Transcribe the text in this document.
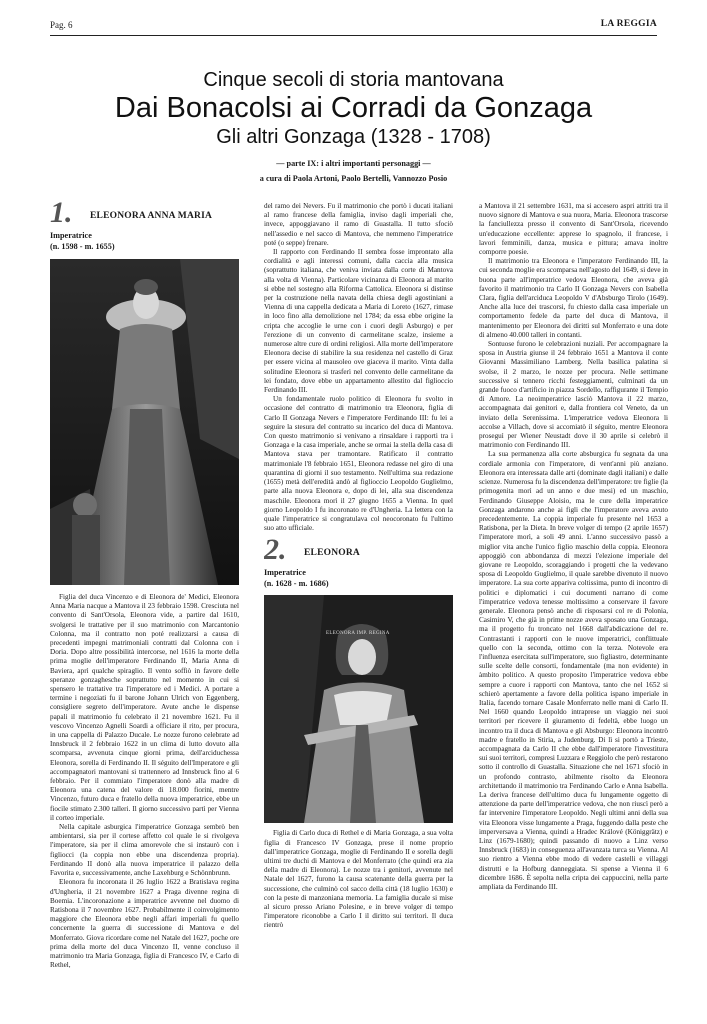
Pag. 6	LA REGGIA
Cinque secoli di storia mantovana
Dai Bonacolsi ai Corradi da Gonzaga
Gli altri Gonzaga (1328 - 1708)
— parte IX: i altri importanti personaggi —
a cura di Paola Artoni, Paolo Bertelli, Vannozzo Posio
1. ELEONORA ANNA MARIA
Imperatrice
(n. 1598 - m. 1655)

Figlia del duca Vincenzo e di Eleonora de' Medici, Eleonora Anna Maria nacque a Mantova il 23 febbraio 1598. Cresciuta nel convento di Sant'Orsola, Eleonora vide, a partire dal 1610, svolgersi le trattative per il suo matrimonio con Marcantonio Colonna, ma il contratto non poté realizzarsi a causa di precedenti impegni matrimoniali contratti dal Colonna con i Doria. Dopo altre possibilità intercorse, nel 1616 la morte della prima moglie dell'imperatore Ferdinando II, Maria Anna di Baviera, aprì qualche spiraglio. Il vento soffiò in favore delle speranze gonzaghesche soprattutto nel momento in cui si spensero le trattative tra l'imperatore ed i Medici. A portare a termine i negoziati fu il barone Johann Ulrich von Eggenberg, consigliere segreto dell'imperatore. Avute anche le dispense papali il matrimonio fu celebrato il 21 novembre 1621. Fu il vescovo Vincenzo Agnelli Soardi a officiare il rito, per procura, in una cappella di Palazzo Ducale. Le nozze furono celebrate ad Innsbruck il 2 febbraio 1622 in un clima di lutto dovuto alla scomparsa, avvenuta cinque giorni prima, dell'arciduchessa Eleonora, sorella di Ferdinando II. Il séguito dell'Imperatore e gli accompagnatori mantovani si trattennero ad Innsbruck fino al 6 febbraio. Per il commiato l'imperatore donò alla madre di Eleonora una catena del valore di 18.000 fiorini, mentre Vincenzo, futuro duca e fratello della nuova imperatrice, ebbe un fiocile stimato 2.300 talleri. Il giorno successivo partì per Vienna il corteo imperiale.

Nella capitale asburgica l'imperatrice Gonzaga sembrò ben ambientarsi, sia per il cortese affetto col quale le si rivolgeva l'imperatore, sia per il clima amorevole che si instaurò con i figliocci (la coppia non ebbe una discendenza propria). Ferdinando II donò alla nuova imperatrice il palazzo della Favorita e, successivamente, anche Laxehburg e Schönnbrunn.

Eleonora fu incoronata il 26 luglio 1622 a Bratislava regina d'Ungheria, il 21 novembre 1627 a Praga divenne regina di Boemia. L'incoronazione a imperatrice avvenne nel duomo di Ratisbona il 7 novembre 1627. Probabilmente il coinvolgimento maggiore che Eleonora ebbe negli affari imperiali fu quello concernente la guerra di successione di Mantova e del Monferrato. Giova ricordare come nel Natale del 1627, poche ore prima della morte del duca Vincenzo II, venne concluso il matrimonio tra Maria Gonzaga, figlia di Francesco IV, e Carlo di Rethel,

del ramo dei Nevers. Fu il matrimonio che portò i ducati italiani al ramo francese della famiglia, inviso dagli imperiali che, invece, appoggiavano il ramo di Guastalla. Il tutto sfociò nell'assedio e nel sacco di Mantova, che nemmeno l'imperatrice poté (o seppe) frenare.

Il rapporto con Ferdinando II sembra fosse improntato alla cordialità e agli interessi comuni, dalla caccia alla musica (soprattutto italiana, che veniva inviata dalla corte di Mantova alla volta di Vienna). Particolare vicinanza di Eleonora al marito si ebbe nel sostegno alla Riforma Cattolica. Eleonora si distinse per la costruzione nella navata della chiesa degli agostiniani a Vienna di una cappella dedicata a Maria di Loreto (1627, rimase in loco fino alla demolizione nel 1784; da essa ebbe origine la cripta che accoglie le urne con i cuori degli Asburgo) e per l'erezione di un convento di carmelitane scalze, insieme a numerose altre cure di ordini religiosi. Alla morte dell'imperatore Eleonora decise di stabilire la sua residenza nel castello di Graz per essere vicina al mausoleo ove giaceva il marito. Vinta dalla solitudine Eleonora si trasferì nel convento delle carmelitane da lei fondato, dove ebbe un appartamento allestito dal figlioccio Ferdinando III.

Un fondamentale ruolo politico di Eleonora fu svolto in occasione del contratto di matrimonio tra Eleonora, figlia di Carlo II Gonzaga Nevers e l'imperatore Ferdinando III: fu lei a seguire la stesura del contratto su incarico del duca di Mantova. Con questo matrimonio si venivano a rinsaldare i rapporti tra i Gonzaga e la casa imperiale, anche se ormai la stella della casa di Mantova stava per tramontare. Ratificato il contratto matrimoniale l'8 febbraio 1651, Eleonora redasse nel giro di una quarantina di giorni il suo testamento. Nell'ultima sua redazione (1655) metà dell'eredità andò al figlioccio Leopoldo Guglielmo, parte alla nuova Eleonora e, dopo di lei, alla sua discendenza maschile. Eleonora morì il 27 giugno 1655 a Vienna. In quel giorno Leopoldo I fu incoronato re d'Ungheria. La lettera con la quale l'imperatrice si congratulava col neocoronato fu l'ultimo suo atto ufficiale.

2. ELEONORA
Imperatrice
(n. 1628 - m. 1686)
ELEONORA IMP. REGINA

Figlia di Carlo duca di Rethel e di Maria Gonzaga, a sua volta figlia di Francesco IV Gonzaga, prese il nome proprio dall'imperatrice Gonzaga, moglie di Ferdinando II e sorella degli ultimi tre duchi di Mantova e del Monferrato (che quindi era zia della madre di Eleonora). Le nozze tra i genitori, avvenute nel Natale del 1627, furono la causa scatenante della guerra per la successione, che culminò col sacco della città (18 luglio 1630) e con la peste di manzoniana memoria. La famiglia ducale si mise al sicuro presso Ariano Polesine, e in breve volger di tempo l'imperatore riconobbe a Carlo I il diritto sui territori. Il duca rientrò

a Mantova il 21 settembre 1631, ma si accesero aspri attriti tra il nuovo signore di Mantova e sua nuora, Maria. Eleonora trascorse la fanciullezza presso il convento di Sant'Orsola, ricevendo un'educazione eccellente: apprese lo spagnolo, il francese, i lavori femminili, danza, musica e pittura; amava inoltre comporre poesie.

Il matrimonio tra Eleonora e l'imperatore Ferdinando III, la cui seconda moglie era scomparsa nell'agosto del 1649, si deve in buona parte all'imperatrice vedova Eleonora, che aveva già favorito il matrimonio tra Carlo II Gonzaga Nevers con Isabella Clara, figlia dell'arciduca Leopoldo V d'Absburgo Tirolo (1649). Anche alla luce dei trascorsi, fu chiesto dalla casa imperiale un comportamento fedele da parte del duca di Mantova, il mantenimento per Eleonora dei diritti sul Monferrato e una dote di almeno 40.000 talleri in contanti.

Sontuose furono le celebrazioni nuziali. Per accompagnare la sposa in Austria giunse il 24 febbraio 1651 a Mantova il conte Giovanni Massimiliano Lamberg. Nella basilica palatina si svolse, il 2 marzo, le nozze per procura. Nelle settimane successive si tennero ricchi festeggiamenti, culminati da un grande fuoco d'artificio in piazza Sordello, raffigurante il Tempio di Amore. La neoimperatrice lasciò Mantova il 22 marzo, accompagnata dai genitori e, dalla frontiera col Veneto, da un inviato della Serenissima. L'imperatrice vedova Eleonora li accolse a Villach, dove si accomiatò il séguito, mentre Eleonora proseguì per Wiener Neustadt dove il 30 aprile si celebrò il matrimonio con Ferdinando III.

La sua permanenza alla corte absburgica fu segnata da una cordiale armonia con l'imperatore, di vent'anni più anziano. Eleonora era interessata dalle arti (dominate dagli italiani) e dalle scienze. Numerosa fu la discendenza dell'imperatore: tre figlie (la primogenita morì ad un anno e due mesi) ed un maschio, Ferdinando Giuseppe Aloisio, ma le cure della imperatrice Gonzaga andarono anche ai figli che l'imperatore aveva avuto precedentemente. La coppia imperiale fu presente nel 1653 a Ratisbona, per la Dieta. In breve volger di tempo (2 aprile 1657) l'imperatore morì, a soli 49 anni. L'anno successivo passò a miglior vita anche l'unico figlio maschio della coppia. Eleonora appoggiò con abbondanza di mezzi l'elezione imperiale del giovane re Leopoldo, scoraggiando i progetti che la vedevano sposa di Leopoldo Guglielmo, il quale sarebbe divenuto il nuovo imperatore. La sua corte appariva coltissima, punto di incontro di politici e diplomatici i cui documenti narrano di come l'imperatrice vedova tenesse moltissimo a conservare il favore generale. Eleonora pensò anche di risposarsi col re di Polonia, Casimiro V, che già in prime nozze aveva sposato una Gonzaga, ma il progetto fu troncato nel 1668 dall'abdicazione del re. Contrastanti i rapporti con le nuove imperatrici, conflittuale quello con la seconda, ottimo con la terza. Notevole era l'influenza esercitata sull'imperatore, suo figliastro, determinante sulle scelte delle consorti, fondamentale (ma non evidente) in àmbito politico. A questo proposito l'imperatrice vedova ebbe sempre a cuore i rapporti con Mantova, tanto che nel 1652 si schierò apertamente a favore della politica ispano imperiale in Italia, facendo tornare Casale Monferrato nelle mani di Carlo II. Nel 1660 quando Leopoldo intraprese un viaggio nei suoi territori per ricevere il giuramento di fedeltà, ebbe luogo un incontro tra il duca di Mantova e gli Absburgo: Eleonora incontrò madre e fratello in Stiria, a Judenburg. Di lì si portò a Trieste, accompagnata da Carlo II che ebbe dall'imperatore l'investitura sui suoi territori, compresi Luzzara e Reggiolo che però restarono sotto il controllo di Guastalla. Situazione che nel 1671 sfociò in un profondo contrasto, abilmente risolto da Eleonora architettando il matrimonio tra Ferdinando Carlo e Anna Isabella. La deriva francese dell'ultimo duca fu lungamente oggetto di attenzione da parte dell'imperatrice vedova, che non riuscì però a far intervenire l'imperatore Leopoldo. Negli ultimi anni della sua vita Eleonora visse lungamente a Praga, fuggendo dalla peste che imperversava a Vienna, quindi a Hradec Králové (Königgrätz) e Linz (1679-1680); quindi passando di nuovo a Linz verso Innsbruck (1683) in conseguenza all'avanzata turca su Vienna. Al suo rientro a Vienna ebbe modo di vedere castelli e villaggi distrutti e la Hofburg danneggiata. Si spense a Vienna il 6 dicembre 1686. È sepolta nella cripta dei cappuccini, nella parte ampliata da Ferdinando III.
